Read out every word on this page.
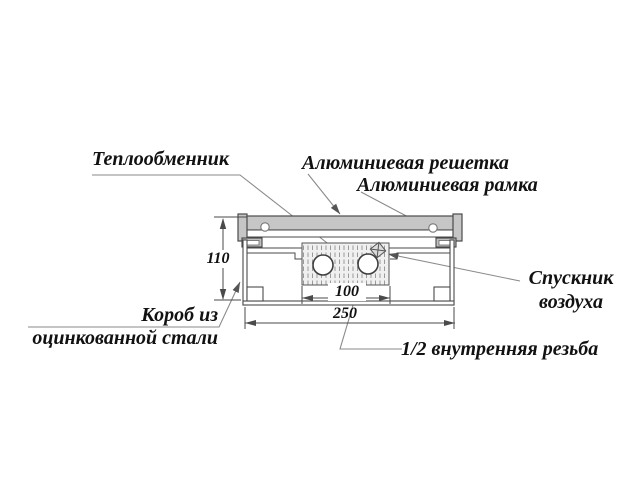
Теплообменник	Алюминиевая решетка
Алюминиевая рамка
Спускник
воздуха
Короб из
оцинкованной стали	1/2 внутренняя резьба
110
100
250
